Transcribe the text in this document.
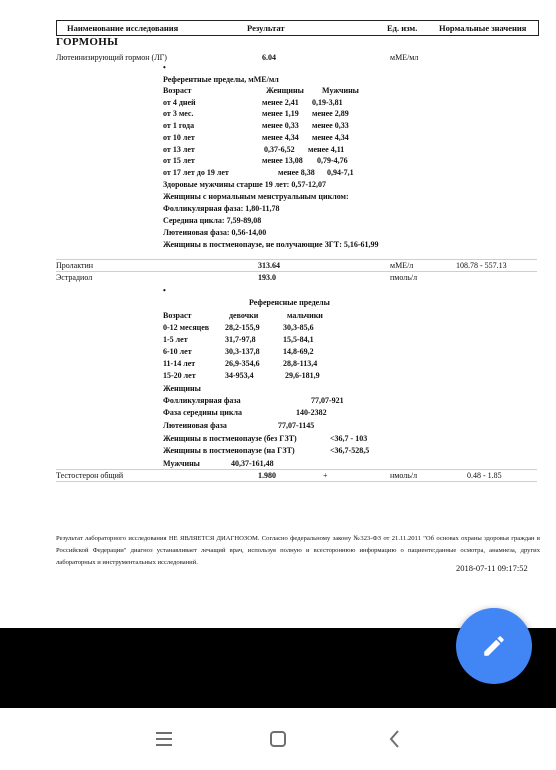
Наименование исследования	Результат	Ед. изм.	Нормальные значения
ГОРМОНЫ
Лютеинизирующий гормон (ЛГ)	6.04	мМЕ/мл
•
Референтные пределы, мМЕ/мл
Возраст	Женщины Мужчины
от 4 дней	менее 2,41 0,19-3,81
от 3 мес.	менее 1,19 менее 2,89
от 1 года	менее 0,33 менее 0,33
от 10 лет	менее 4,34 менее 4,34
от 13 лет	0,37-6,52 менее 4,11
от 15 лет	менее 13,08 0,79-4,76
от 17 лет до 19 лет	менее 8,38 0,94-7,1
Здоровые мужчины старше 19 лет: 0,57-12,07
Женщины с нормальным менструальным циклом:
Фолликулярная фаза: 1,80-11,78
Середина цикла: 7,59-89,08
Лютеиновая фаза: 0,56-14,00
Женщины в постменопаузе, не получающие ЗГТ: 5,16-61,99
Пролактин	313.64	мМЕ/л	108.78 - 557.13
Эстрадиол	193.0	пмоль/л
•
Референсные пределы
Возраст	девочки	мальчики
0-12 месяцев 28,2-155,9	30,3-85,6
1-5 лет	31,7-97,8	15,5-84,1
6-10 лет	30,3-137,8	14,8-69,2
11-14 лет	26,9-354,6	28,8-113,4
15-20 лет	34-953,4	29,6-181,9
Женщины
Фолликулярная фаза	77,07-921
Фаза середины цикла	140-2382
Лютеиновая фаза	77,07-1145
Женщины в постменопаузе (без ГЗТ)	<36,7 - 103
Женщины в постменопаузе (на ГЗТ)	<36,7-528,5
Мужчины	40,37-161,48
Тестостерон общий	1.980	+	нмоль/л	0.48 - 1.85
Результат лабораторного исследования НЕ ЯВЛЯЕТСЯ ДИАГНОЗОМ. Согласно федеральному закону №323-ФЗ от 21.11.2011 "Об основах охраны здоровья граждан в Российской Федерации" диагноз устанавливает лечащий врач, используя полную и всестороннюю информацию о пациенте:данные осмотра, анамнеза, других лабораторных и инструментальных исследований.
2018-07-11 09:17:52
